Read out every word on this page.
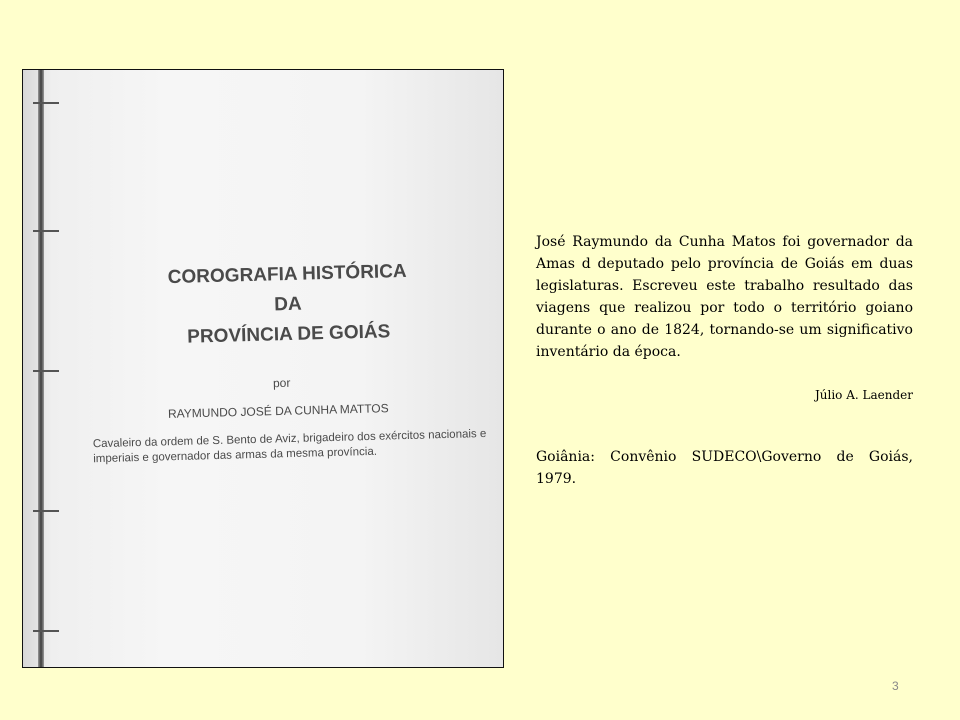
COROGRAFIA HISTÓRICA
DA
PROVÍNCIA DE GOIÁS
por
RAYMUNDO JOSÉ DA CUNHA MATTOS
Cavaleiro da ordem de S. Bento de Aviz, brigadeiro dos exércitos nacionais e imperiais e governador das armas da mesma província.
José Raymundo da Cunha Matos foi governador da Amas d deputado pelo província de Goiás em duas legislaturas. Escreveu este trabalho resultado das viagens que realizou por todo o território goiano durante o ano de 1824, tornando-se um significativo inventário da época.
Júlio A. Laender
Goiânia: Convênio SUDECO\Governo de Goiás, 1979.
3
